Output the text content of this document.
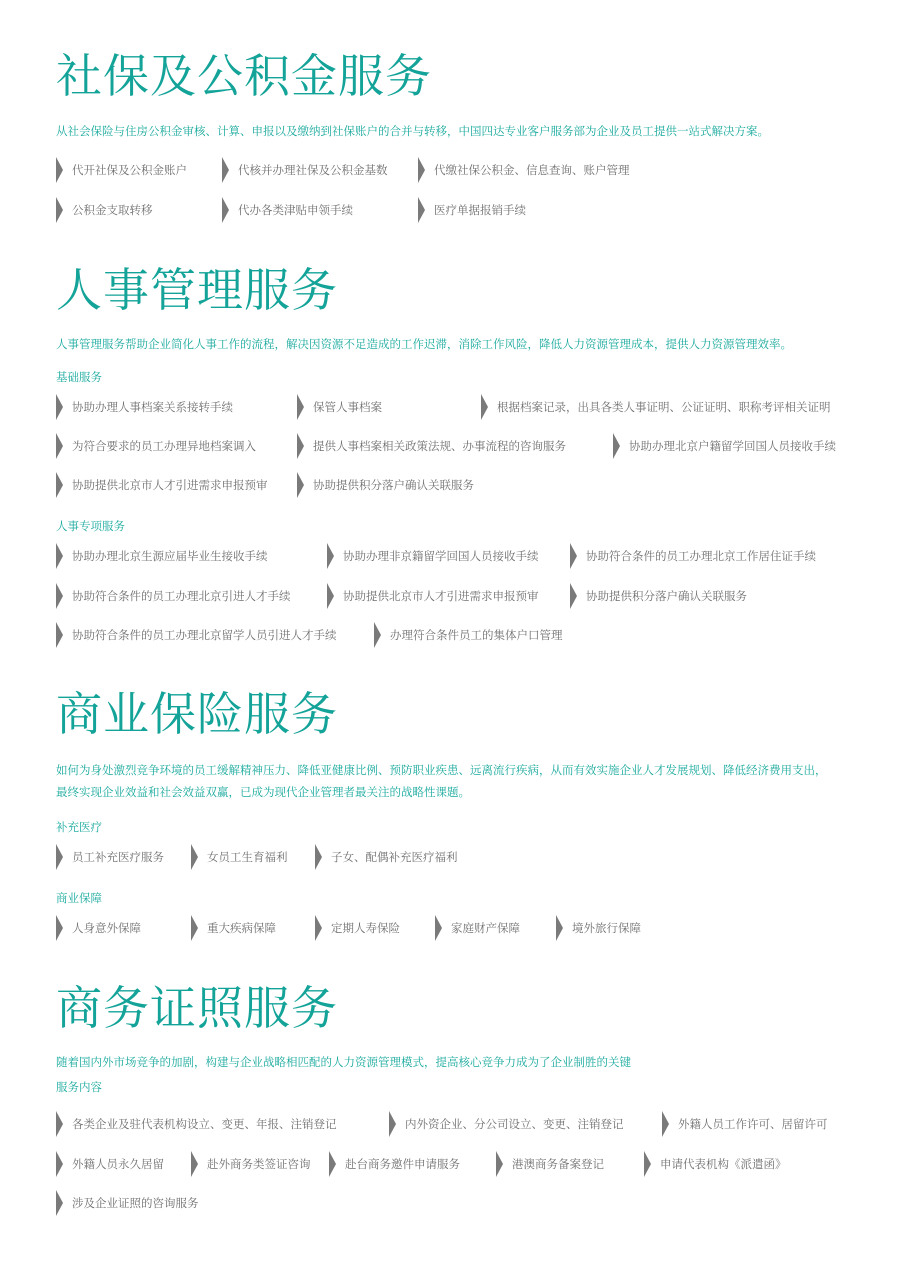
社保及公积金服务

从社会保险与住房公积金审核、计算、申报以及缴纳到社保账户的合并与转移，中国四达专业客户服务部为企业及员工提供一站式解决方案。

代开社保及公积金账户	代核并办理社保及公积金基数	代缴社保公积金、信息查询、账户管理
公积金支取转移	代办各类津贴申领手续	医疗单据报销手续
人事管理服务

人事管理服务帮助企业简化人事工作的流程，解决因资源不足造成的工作迟滞，消除工作风险，降低人力资源管理成本，提供人力资源管理效率。

基础服务

协助办理人事档案关系接转手续	保管人事档案	根据档案记录，出具各类人事证明、公证证明、职称考评相关证明
为符合要求的员工办理异地档案调入	提供人事档案相关政策法规、办事流程的咨询服务	协助办理北京户籍留学回国人员接收手续
协助提供北京市人才引进需求申报预审	协助提供积分落户确认关联服务

人事专项服务

协助办理北京生源应届毕业生接收手续	协助办理非京籍留学回国人员接收手续	协助符合条件的员工办理北京工作居住证手续
协助符合条件的员工办理北京引进人才手续	协助提供北京市人才引进需求申报预审	协助提供积分落户确认关联服务
协助符合条件的员工办理北京留学人员引进人才手续	办理符合条件员工的集体户口管理
商业保险服务

如何为身处激烈竞争环境的员工缓解精神压力、降低亚健康比例、预防职业疾患、远离流行疾病，从而有效实施企业人才发展规划、降低经济费用支出，最终实现企业效益和社会效益双赢，已成为现代企业管理者最关注的战略性课题。

补充医疗

员工补充医疗服务	女员工生育福利	子女、配偶补充医疗福利

商业保障

人身意外保障	重大疾病保障	定期人寿保险	家庭财产保障	境外旅行保障
商务证照服务

随着国内外市场竞争的加剧，构建与企业战略相匹配的人力资源管理模式，提高核心竞争力成为了企业制胜的关键

服务内容

各类企业及驻代表机构设立、变更、年报、注销登记	内外资企业、分公司设立、变更、注销登记	外籍人员工作许可、居留许可
外籍人员永久居留	赴外商务类签证咨询	赴台商务邀件申请服务	港澳商务备案登记	申请代表机构《派遣函》
涉及企业证照的咨询服务
